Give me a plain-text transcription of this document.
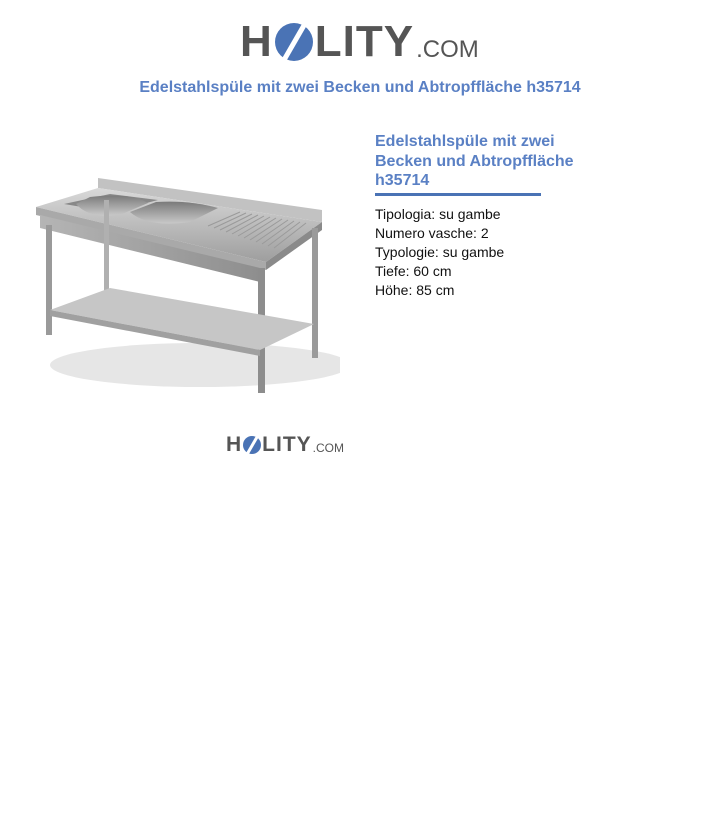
H LITY .COM
Edelstahlspüle mit zwei Becken und Abtropffläche h35714
H LITY .COM
Edelstahlspüle mit zwei Becken und Abtropffläche h35714
Tipologia: su gambe
Numero vasche: 2
Typologie: su gambe
Tiefe: 60 cm
Höhe: 85 cm
